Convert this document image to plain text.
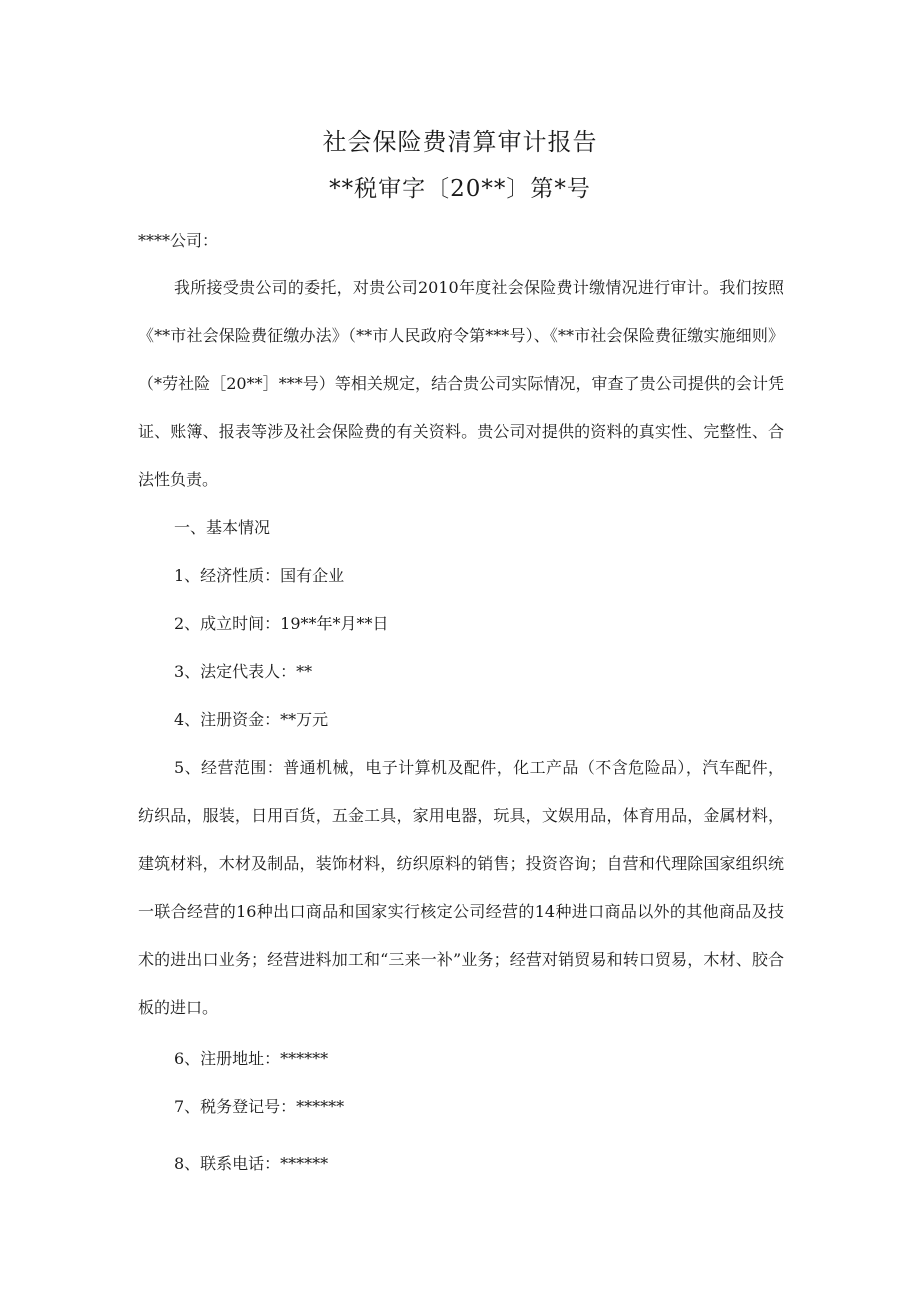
社会保险费清算审计报告
**税审字〔20**〕第*号
****公司：
我所接受贵公司的委托，对贵公司2010年度社会保险费计缴情况进行审计。我们按照《**市社会保险费征缴办法》（**市人民政府令第***号）、《**市社会保险费征缴实施细则》（*劳社险［20**］***号）等相关规定，结合贵公司实际情况，审查了贵公司提供的会计凭证、账簿、报表等涉及社会保险费的有关资料。贵公司对提供的资料的真实性、完整性、合法性负责。
一、基本情况
1、经济性质：国有企业
2、成立时间：19**年*月**日
3、法定代表人：**
4、注册资金：**万元
5、经营范围：普通机械，电子计算机及配件，化工产品（不含危险品），汽车配件，纺织品，服装，日用百货，五金工具，家用电器，玩具，文娱用品，体育用品，金属材料，建筑材料，木材及制品，装饰材料，纺织原料的销售；投资咨询；自营和代理除国家组织统一联合经营的16种出口商品和国家实行核定公司经营的14种进口商品以外的其他商品及技术的进出口业务；经营进料加工和“三来一补”业务；经营对销贸易和转口贸易，木材、胶合板的进口。
6、注册地址：******
7、税务登记号：******
8、联系电话：******
